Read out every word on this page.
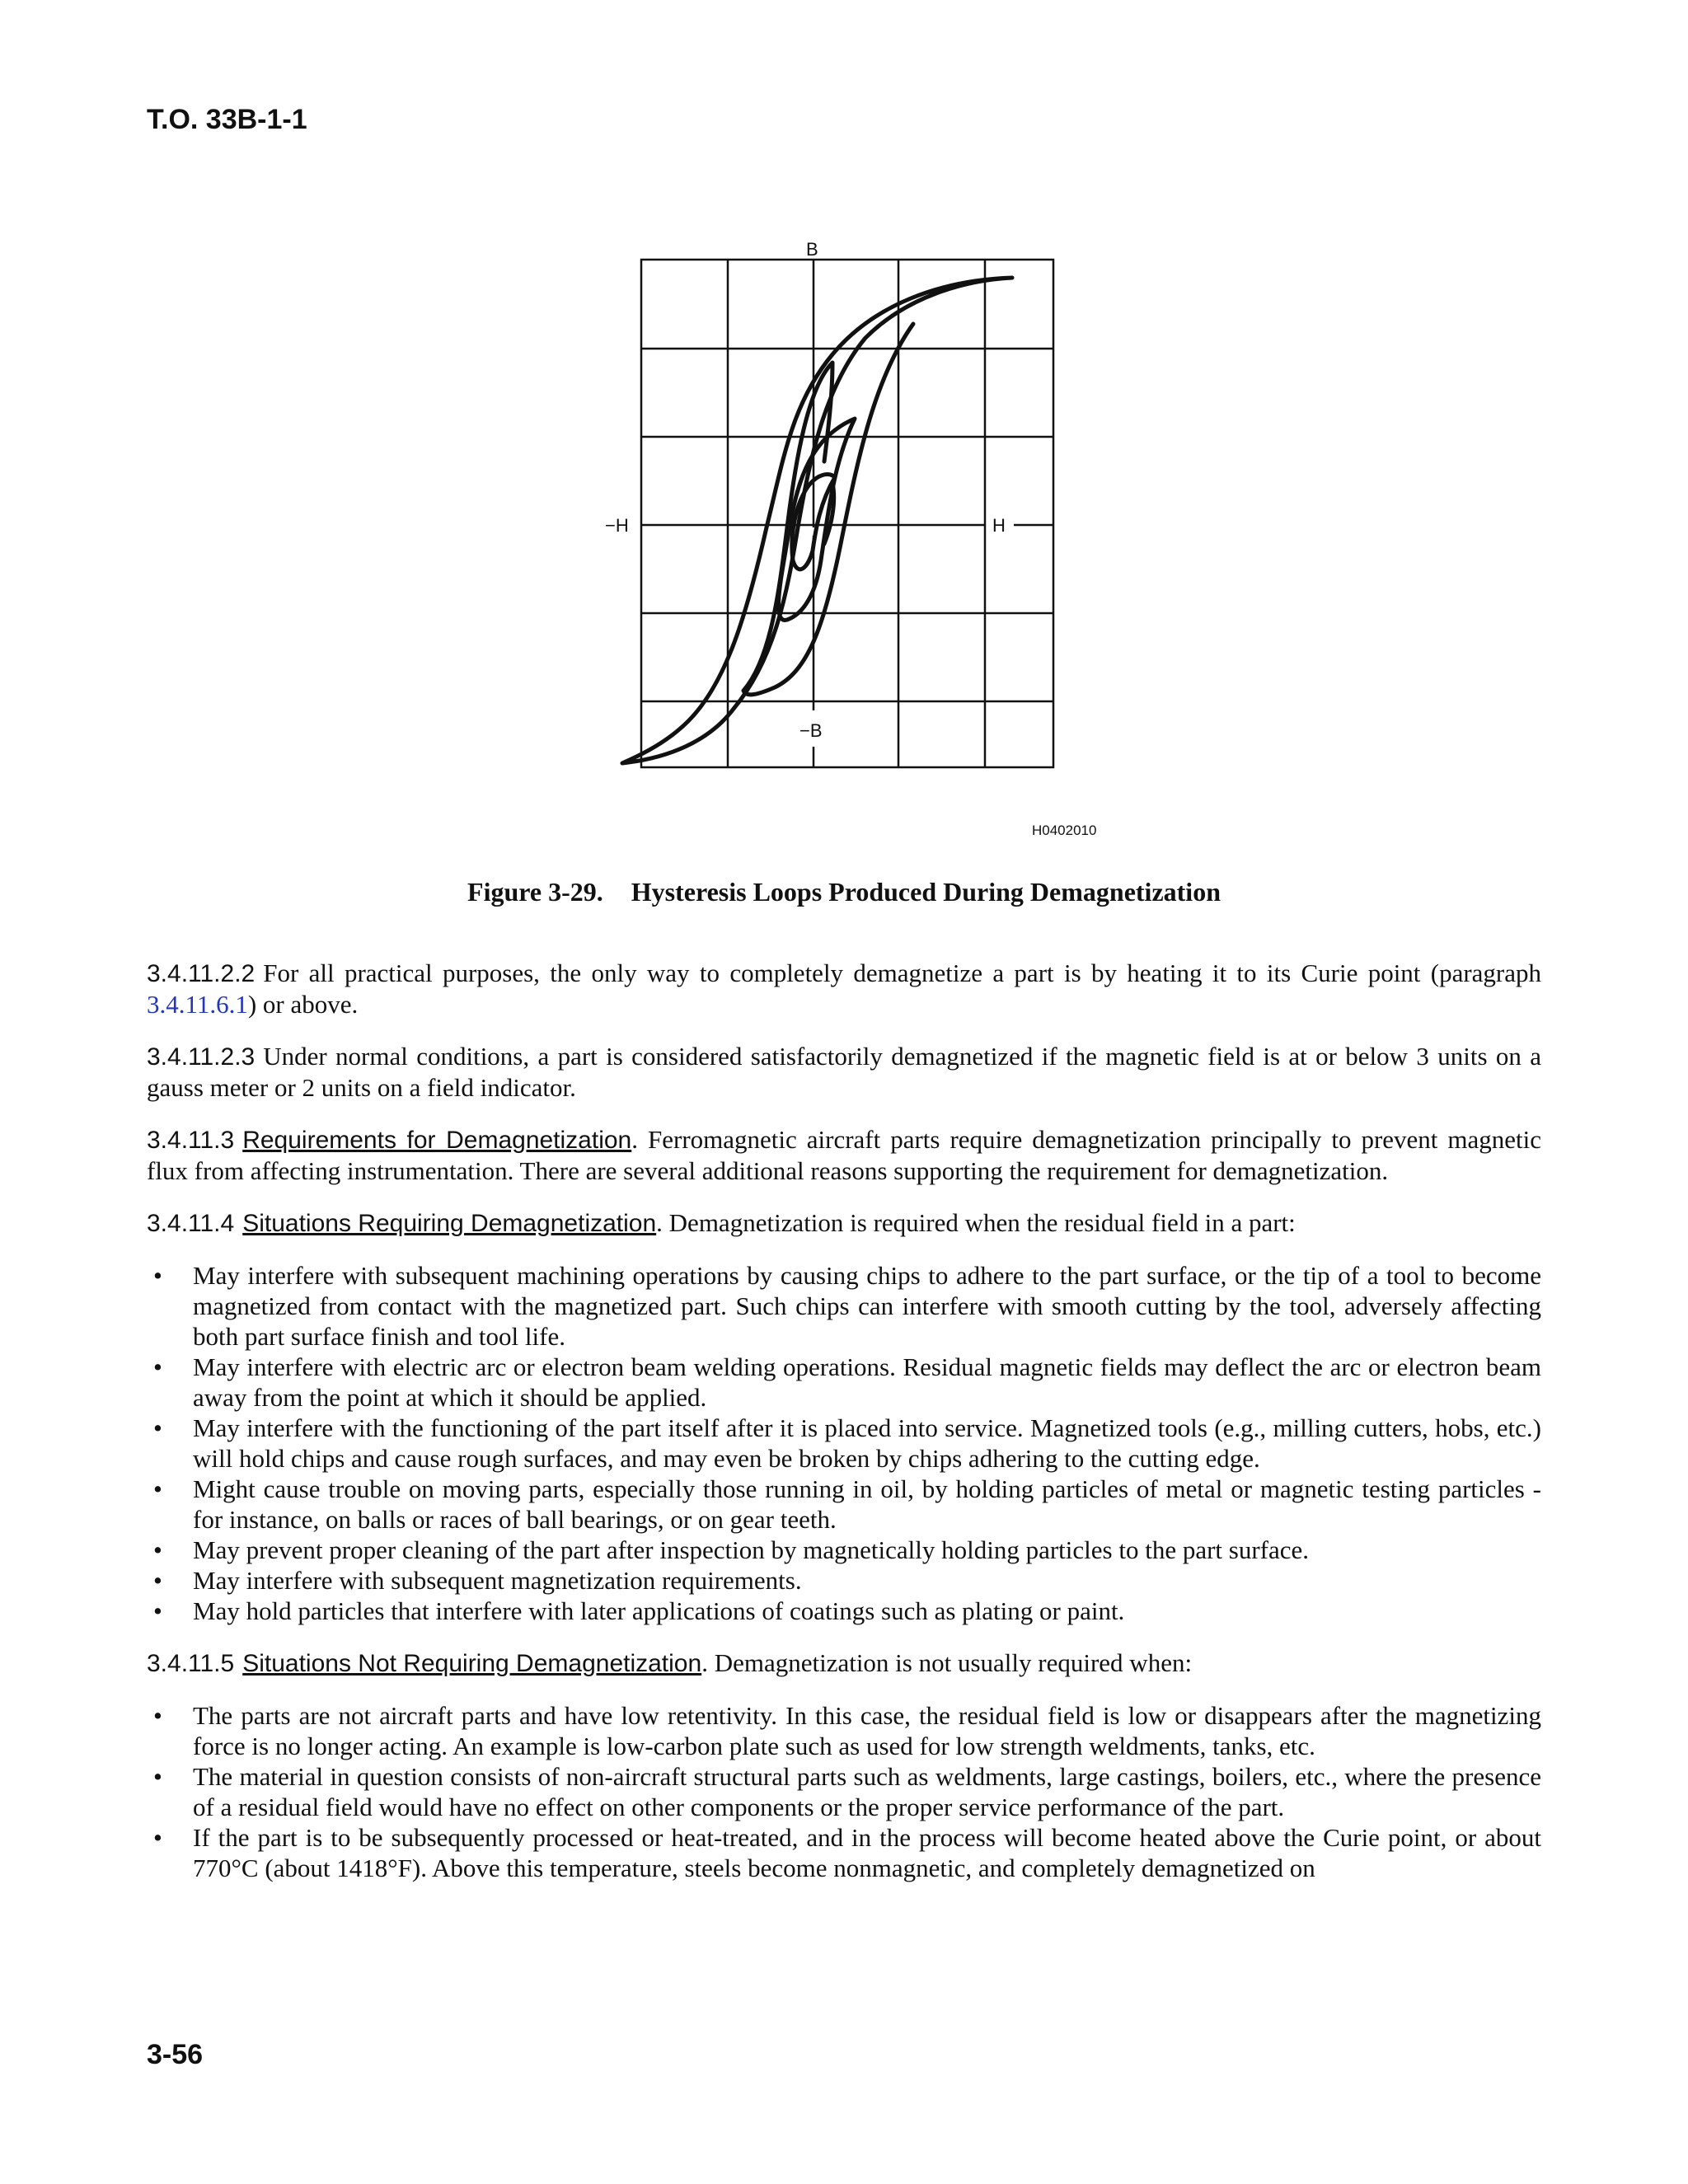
T.O. 33B-1-1
B
−B
−H	H
H0402010
Figure 3-29. Hysteresis Loops Produced During Demagnetization

3.4.11.2.2 For all practical purposes, the only way to completely demagnetize a part is by heating it to its Curie point (paragraph 3.4.11.6.1) or above.

3.4.11.2.3 Under normal conditions, a part is considered satisfactorily demagnetized if the magnetic field is at or below 3 units on a gauss meter or 2 units on a field indicator.

3.4.11.3 Requirements for Demagnetization. Ferromagnetic aircraft parts require demagnetization principally to prevent magnetic flux from affecting instrumentation. There are several additional reasons supporting the requirement for demagnetization.

3.4.11.4 Situations Requiring Demagnetization. Demagnetization is required when the residual field in a part:

• May interfere with subsequent machining operations by causing chips to adhere to the part surface, or the tip of a tool to become magnetized from contact with the magnetized part. Such chips can interfere with smooth cutting by the tool, adversely affecting both part surface finish and tool life.
• May interfere with electric arc or electron beam welding operations. Residual magnetic fields may deflect the arc or electron beam away from the point at which it should be applied.
• May interfere with the functioning of the part itself after it is placed into service. Magnetized tools (e.g., milling cutters, hobs, etc.) will hold chips and cause rough surfaces, and may even be broken by chips adhering to the cutting edge.
• Might cause trouble on moving parts, especially those running in oil, by holding particles of metal or magnetic testing particles - for instance, on balls or races of ball bearings, or on gear teeth.
• May prevent proper cleaning of the part after inspection by magnetically holding particles to the part surface.
• May interfere with subsequent magnetization requirements.
• May hold particles that interfere with later applications of coatings such as plating or paint.

3.4.11.5 Situations Not Requiring Demagnetization. Demagnetization is not usually required when:

• The parts are not aircraft parts and have low retentivity. In this case, the residual field is low or disappears after the magnetizing force is no longer acting. An example is low-carbon plate such as used for low strength weldments, tanks, etc.
• The material in question consists of non-aircraft structural parts such as weldments, large castings, boilers, etc., where the presence of a residual field would have no effect on other components or the proper service performance of the part.
• If the part is to be subsequently processed or heat-treated, and in the process will become heated above the Curie point, or about 770°C (about 1418°F). Above this temperature, steels become nonmagnetic, and completely demagnetized on
3-56
